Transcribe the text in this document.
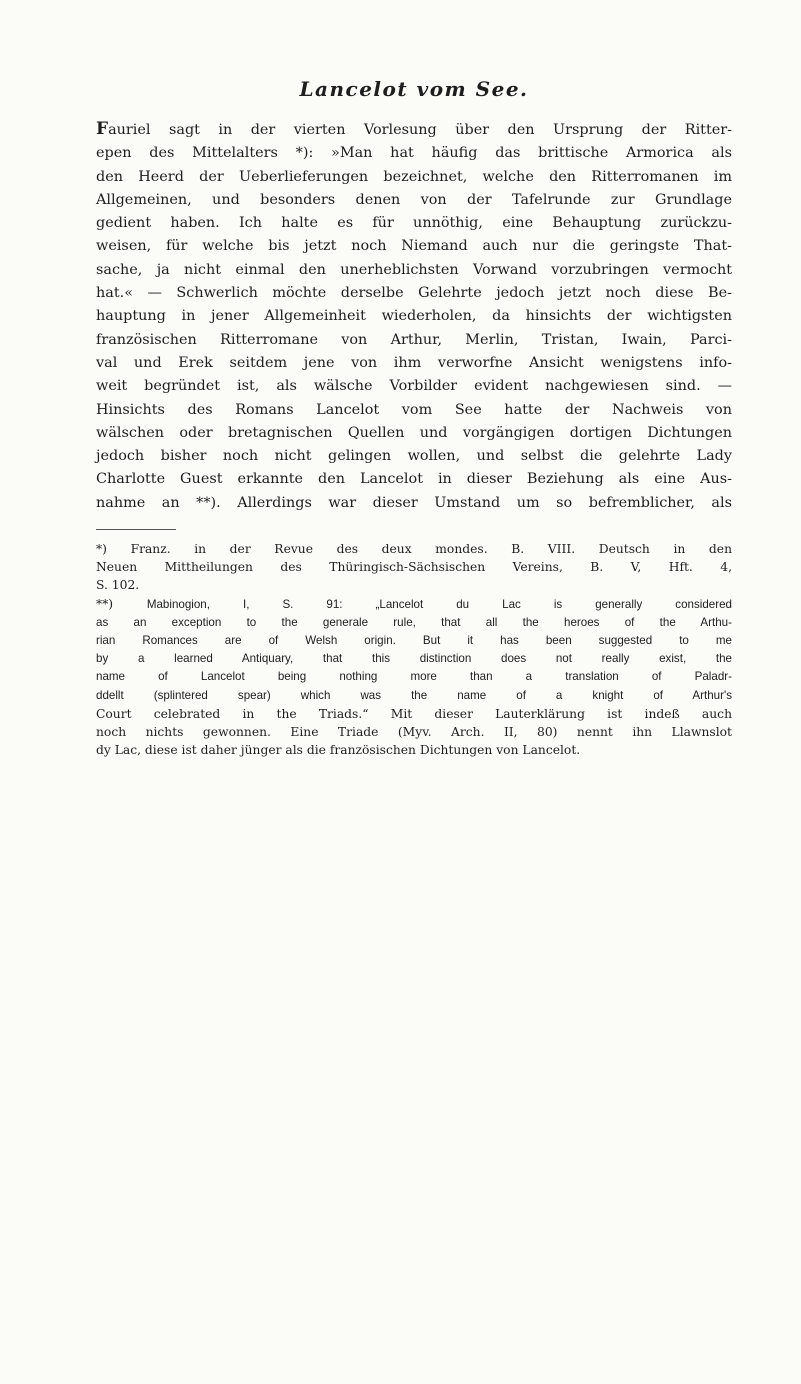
Lancelot vom See.
Fauriel sagt in der vierten Vorlesung über den Ursprung der Ritter-
epen des Mittelalters *): »Man hat häufig das brittische Armorica als
den Heerd der Ueberlieferungen bezeichnet, welche den Ritterromanen im
Allgemeinen, und besonders denen von der Tafelrunde zur Grundlage
gedient haben. Ich halte es für unnöthig, eine Behauptung zurückzu-
weisen, für welche bis jetzt noch Niemand auch nur die geringste That-
sache, ja nicht einmal den unerheblichsten Vorwand vorzubringen vermocht
hat.« — Schwerlich möchte derselbe Gelehrte jedoch jetzt noch diese Be-
hauptung in jener Allgemeinheit wiederholen, da hinsichts der wichtigsten
französischen Ritterromane von Arthur, Merlin, Tristan, Iwain, Parci-
val und Erek seitdem jene von ihm verworfne Ansicht wenigstens info-
weit begründet ist, als wälsche Vorbilder evident nachgewiesen sind. —
Hinsichts des Romans Lancelot vom See hatte der Nachweis von
wälschen oder bretagnischen Quellen und vorgängigen dortigen Dichtungen
jedoch bisher noch nicht gelingen wollen, und selbst die gelehrte Lady
Charlotte Guest erkannte den Lancelot in dieser Beziehung als eine Aus-
nahme an **). Allerdings war dieser Umstand um so befremblicher, als
*) Franz. in der Revue des deux mondes. B. VIII. Deutsch in den
Neuen Mittheilungen des Thüringisch-Sächsischen Vereins, B. V, Hft. 4,
S. 102.
**)	Mabinogion, I, S. 91: „Lancelot du Lac is generally considered
as an exception to the generale rule, that all the heroes of the Arthu-
rian Romances are of Welsh origin. But it has been suggested to me
by a learned Antiquary, that this distinction does not really exist, the
name of Lancelot being nothing more than a translation of Paladr-
ddellt (splintered spear) which was the name of a knight of Arthur's
Court celebrated in the Triads.“ Mit dieser Lauterklärung ist indeß auch
noch nichts gewonnen. Eine Triade (Myv. Arch. II, 80) nennt ihn Llawnslot
dy Lac, diese ist daher jünger als die französischen Dichtungen von Lancelot.
